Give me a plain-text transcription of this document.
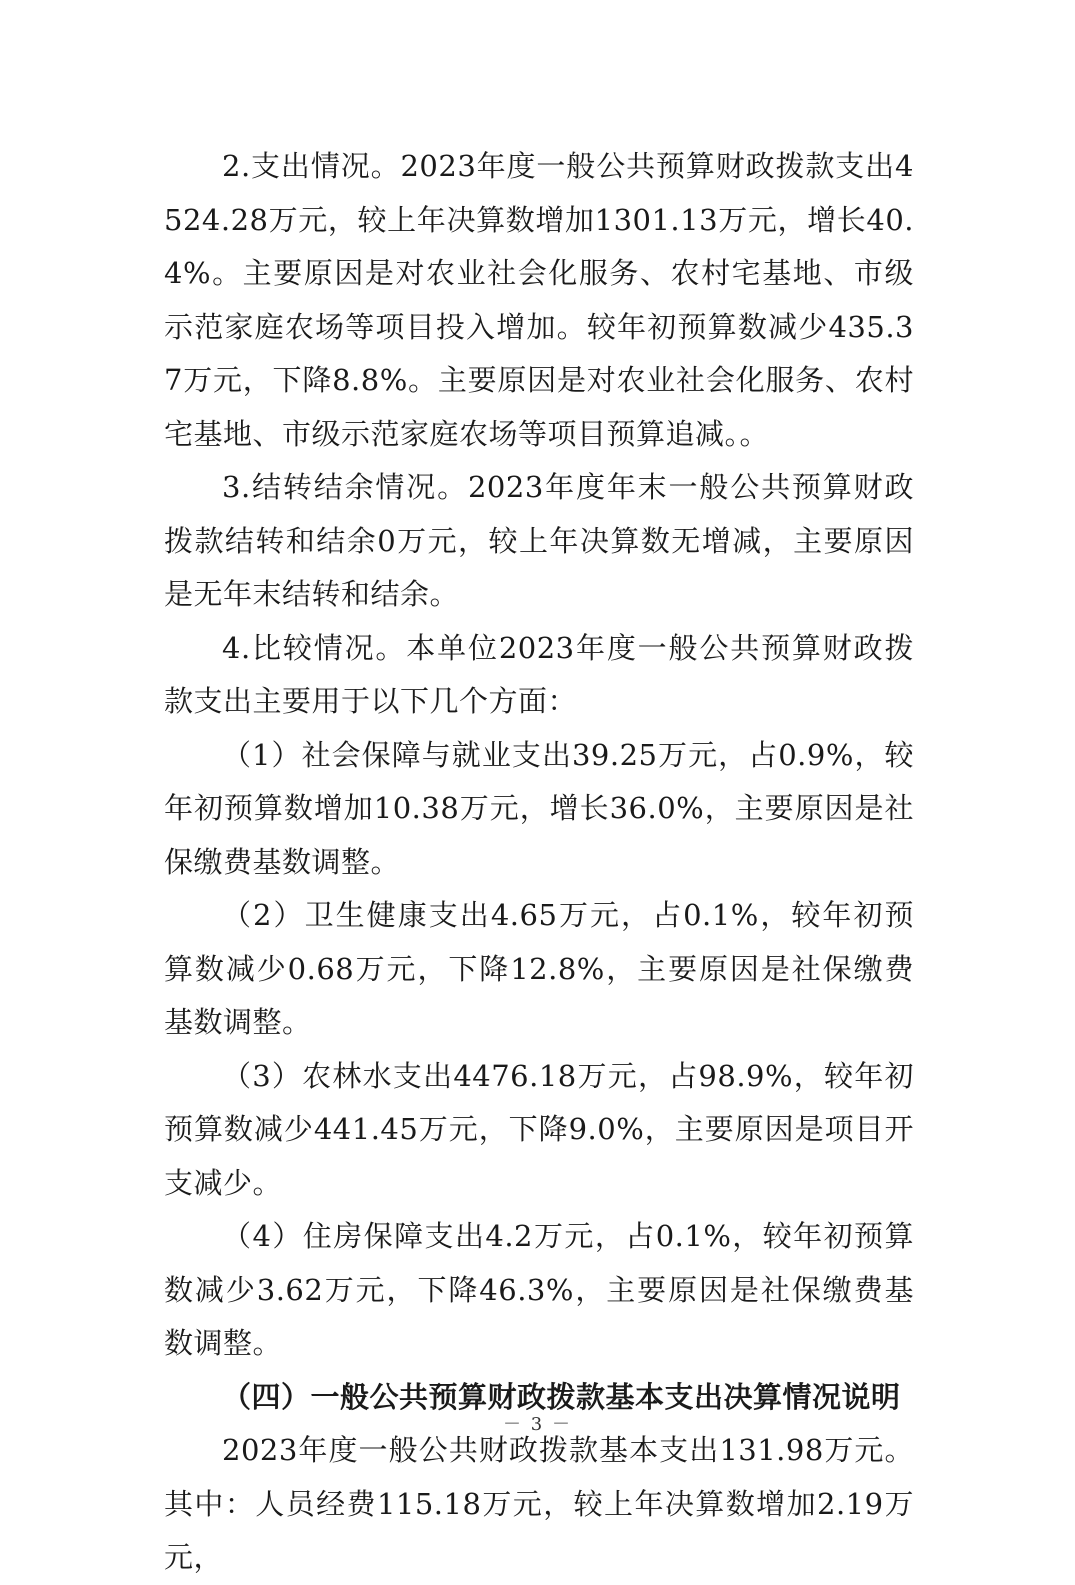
2.支出情况。2023年度一般公共预算财政拨款支出4524.28万元，较上年决算数增加1301.13万元，增长40.4%。主要原因是对农业社会化服务、农村宅基地、市级示范家庭农场等项目投入增加。较年初预算数减少435.37万元，下降8.8%。主要原因是对农业社会化服务、农村宅基地、市级示范家庭农场等项目预算追减。。

3.结转结余情况。2023年度年末一般公共预算财政拨款结转和结余0万元，较上年决算数无增减，主要原因是无年末结转和结余。

4.比较情况。本单位2023年度一般公共预算财政拨款支出主要用于以下几个方面：

（1）社会保障与就业支出39.25万元，占0.9%，较年初预算数增加10.38万元，增长36.0%，主要原因是社保缴费基数调整。

（2）卫生健康支出4.65万元，占0.1%，较年初预算数减少0.68万元，下降12.8%，主要原因是社保缴费基数调整。

（3）农林水支出4476.18万元，占98.9%，较年初预算数减少441.45万元，下降9.0%，主要原因是项目开支减少。

（4）住房保障支出4.2万元，占0.1%，较年初预算数减少3.62万元，下降46.3%，主要原因是社保缴费基数调整。

（四）一般公共预算财政拨款基本支出决算情况说明

2023年度一般公共财政拨款基本支出131.98万元。其中：人员经费115.18万元，较上年决算数增加2.19万元，

－ 3 －
